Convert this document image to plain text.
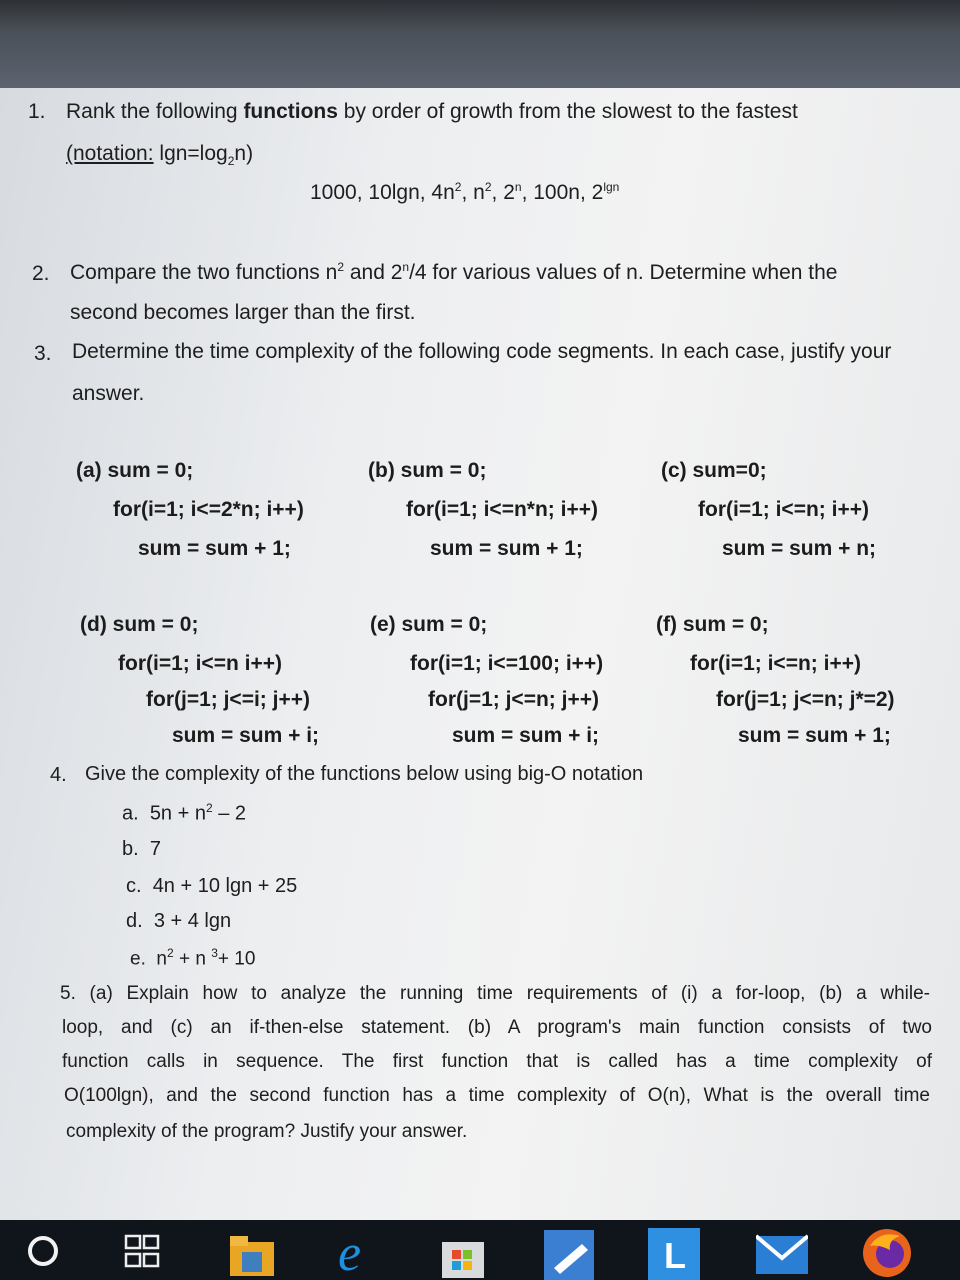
1. Rank the following functions by order of growth from the slowest to the fastest
(notation: $\lg n=\log_2n$)
1000, 10lgn, $4n^2$, $n^2$, 2$^n$, 100n, $2^{lgn}$
2. Compare the two functions $n^2$ and 2$^n$/4 for various values of n. Determine when the
second becomes larger than the first.
3. Determine the time complexity of the following code segments. In each case, justify your
answer.
(a) sum = 0;
for(i=1; i<=2*n; i++)
sum = sum + 1;
(b) sum = 0;
for(i=1; i<=n*n; i++)
sum = sum + 1;
(c) sum=0;
for(i=1; i<=n; i++)
sum = sum + n;
(d) sum = 0;
for(i=1; i<=n i++)
for(j=1; j<=i; j++)
sum = sum + i;
(e) sum = 0;
for(i=1; i<=100; i++)
for(j=1; j<=n; j++)
sum = sum + i;
(f) sum = 0;
for(i=1; i<=n; i++)
for(j=1; j<=n; j*=2)
sum = sum + 1;
4. Give the complexity of the functions below using big-O notation
a. $5n + n^2 - 2$
b. 7
c. 4n + 10 lgn + 25
d. 3 + 4 lgn
e. $n^2 + n$ $^3$+ 10
5. (a) Explain how to analyze the running time requirements of (i) a for-loop, (b) a while-
loop, and (c) an if-then-else statement. (b) A program's main function consists of two
function calls in sequence. The first function that is called has a time complexity of
O(100lgn), and the second function has a time complexity of O(n), What is the overall time
complexity of the program? Justify your answer.
e	L
